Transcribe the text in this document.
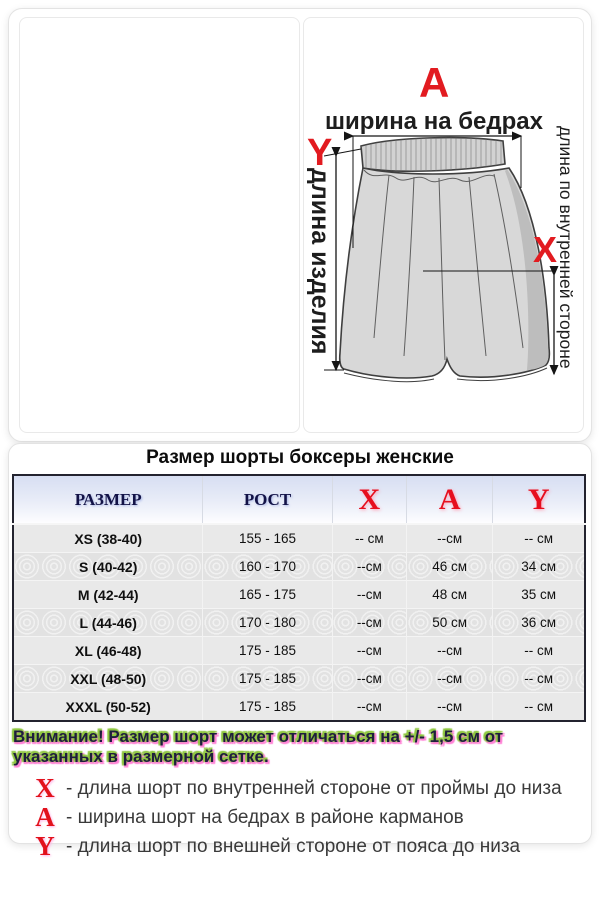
A
ширина на бедрах
Y
длина изделия	X
длина по внутренней стороне
Размер шорты боксеры женские
РАЗМЕР	РОСТ	X	A	Y
XS (38-40)	155 - 165	-- см	--см	-- см
S (40-42)	160 - 170	--см	46 см	34 см
M (42-44)	165 - 175	--см	48 см	35 см
L (44-46)	170 - 180	--см	50 см	36 см
XL (46-48)	175 - 185	--см	--см	-- см
XXL (48-50)	175 - 185	--см	--см	-- см
XXXL (50-52)	175 - 185	--см	--см	-- см
Внимание! Размер шорт может отличаться на +/- 1,5 см от указанных в размерной сетке.
X - длина шорт по внутренней стороне от проймы до низа
A - ширина шорт на бедрах в районе карманов
Y - длина шорт по внешней стороне от пояса до низа
